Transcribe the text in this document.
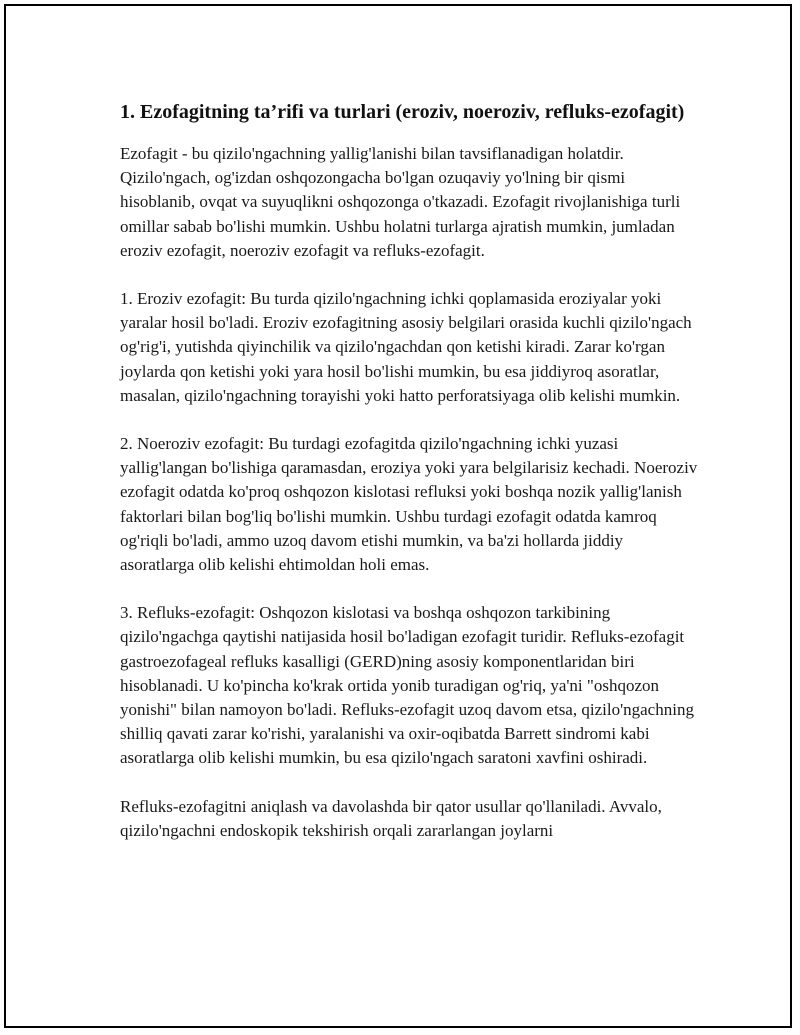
1. Ezofagitning ta’rifi va turlari (eroziv, noeroziv, refluks-ezofagit)

Ezofagit - bu qizilo'ngachning yallig'lanishi bilan tavsiflanadigan holatdir. Qizilo'ngach, og'izdan oshqozongacha bo'lgan ozuqaviy yo'lning bir qismi hisoblanib, ovqat va suyuqlikni oshqozonga o'tkazadi. Ezofagit rivojlanishiga turli omillar sabab bo'lishi mumkin. Ushbu holatni turlarga ajratish mumkin, jumladan eroziv ezofagit, noeroziv ezofagit va refluks-ezofagit.

1. Eroziv ezofagit: Bu turda qizilo'ngachning ichki qoplamasida eroziyalar yoki yaralar hosil bo'ladi. Eroziv ezofagitning asosiy belgilari orasida kuchli qizilo'ngach og'rig'i, yutishda qiyinchilik va qizilo'ngachdan qon ketishi kiradi. Zarar ko'rgan joylarda qon ketishi yoki yara hosil bo'lishi mumkin, bu esa jiddiyroq asoratlar, masalan, qizilo'ngachning torayishi yoki hatto perforatsiyaga olib kelishi mumkin.

2. Noeroziv ezofagit: Bu turdagi ezofagitda qizilo'ngachning ichki yuzasi yallig'langan bo'lishiga qaramasdan, eroziya yoki yara belgilarisiz kechadi. Noeroziv ezofagit odatda ko'proq oshqozon kislotasi refluksi yoki boshqa nozik yallig'lanish faktorlari bilan bog'liq bo'lishi mumkin. Ushbu turdagi ezofagit odatda kamroq og'riqli bo'ladi, ammo uzoq davom etishi mumkin, va ba'zi hollarda jiddiy asoratlarga olib kelishi ehtimoldan holi emas.

3. Refluks-ezofagit: Oshqozon kislotasi va boshqa oshqozon tarkibining qizilo'ngachga qaytishi natijasida hosil bo'ladigan ezofagit turidir. Refluks-ezofagit gastroezofageal refluks kasalligi (GERD)ning asosiy komponentlaridan biri hisoblanadi. U ko'pincha ko'krak ortida yonib turadigan og'riq, ya'ni "oshqozon yonishi" bilan namoyon bo'ladi. Refluks-ezofagit uzoq davom etsa, qizilo'ngachning shilliq qavati zarar ko'rishi, yaralanishi va oxir-oqibatda Barrett sindromi kabi asoratlarga olib kelishi mumkin, bu esa qizilo'ngach saratoni xavfini oshiradi.

Refluks-ezofagitni aniqlash va davolashda bir qator usullar qo'llaniladi. Avvalo, qizilo'ngachni endoskopik tekshirish orqali zararlangan joylarni
